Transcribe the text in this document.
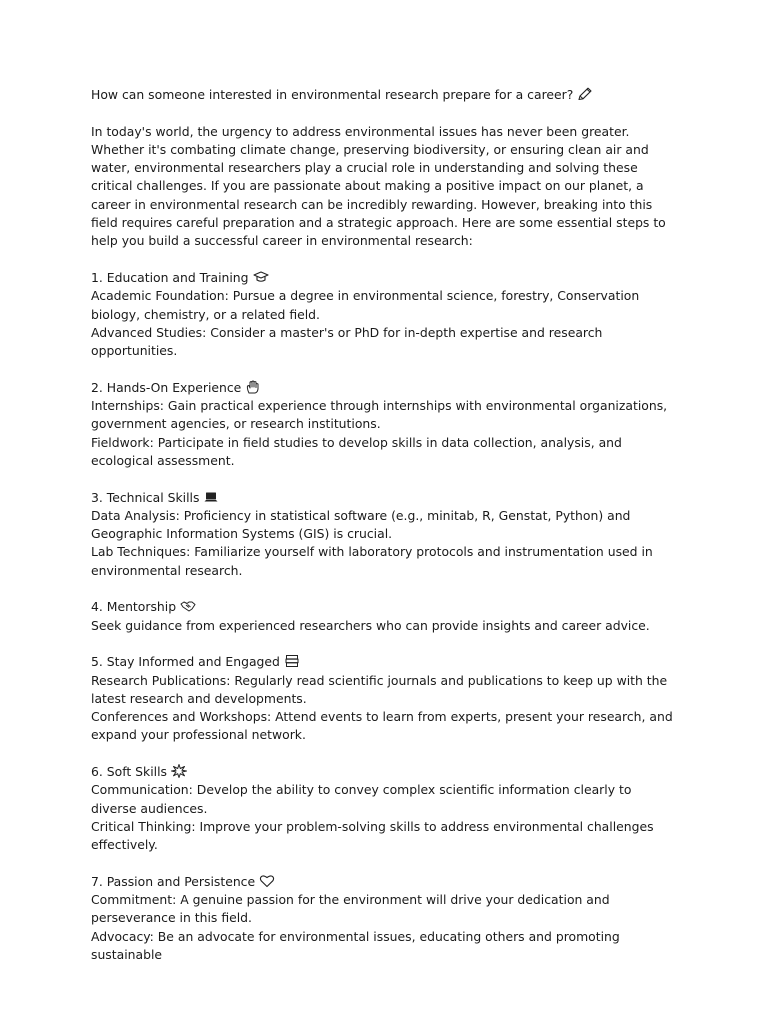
How can someone interested in environmental research prepare for a career?
In today's world, the urgency to address environmental issues has never been greater. Whether it's combating climate change, preserving biodiversity, or ensuring clean air and water, environmental researchers play a crucial role in understanding and solving these critical challenges. If you are passionate about making a positive impact on our planet, a career in environmental research can be incredibly rewarding. However, breaking into this field requires careful preparation and a strategic approach. Here are some essential steps to help you build a successful career in environmental research:
1. Education and Training
Academic Foundation: Pursue a degree in environmental science, forestry, Conservation biology, chemistry, or a related field.
Advanced Studies: Consider a master's or PhD for in-depth expertise and research opportunities.
2. Hands-On Experience
Internships: Gain practical experience through internships with environmental organizations, government agencies, or research institutions.
Fieldwork: Participate in field studies to develop skills in data collection, analysis, and ecological assessment.
3. Technical Skills
Data Analysis: Proficiency in statistical software (e.g., minitab, R, Genstat, Python) and Geographic Information Systems (GIS) is crucial.
Lab Techniques: Familiarize yourself with laboratory protocols and instrumentation used in environmental research.
4. Mentorship
Seek guidance from experienced researchers who can provide insights and career advice.
5. Stay Informed and Engaged
Research Publications: Regularly read scientific journals and publications to keep up with the latest research and developments.
Conferences and Workshops: Attend events to learn from experts, present your research, and expand your professional network.
6. Soft Skills
Communication: Develop the ability to convey complex scientific information clearly to diverse audiences.
Critical Thinking: Improve your problem-solving skills to address environmental challenges effectively.
7. Passion and Persistence
Commitment: A genuine passion for the environment will drive your dedication and perseverance in this field.
Advocacy: Be an advocate for environmental issues, educating others and promoting sustainable
